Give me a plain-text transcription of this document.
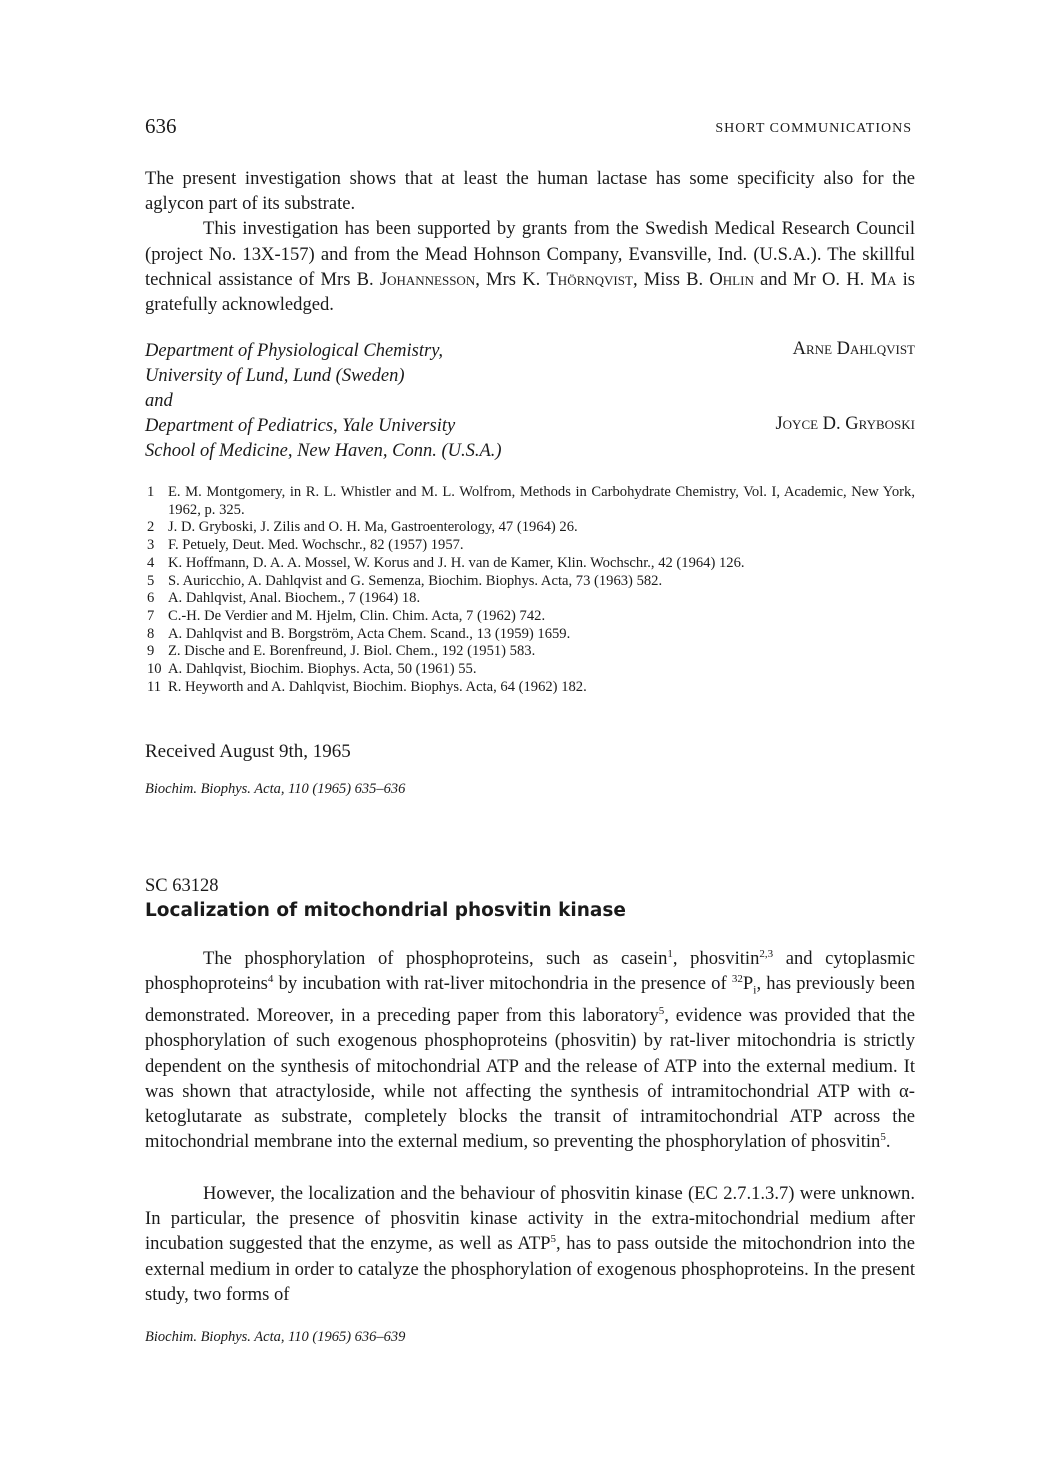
636	SHORT COMMUNICATIONS

The present investigation shows that at least the human lactase has some specificity also for the aglycon part of its substrate.
This investigation has been supported by grants from the Swedish Medical Research Council (project No. 13X-157) and from the Mead Hohnson Company, Evansville, Ind. (U.S.A.). The skillful technical assistance of Mrs B. Johannesson, Mrs K. Thörnqvist, Miss B. Ohlin and Mr O. H. Ma is gratefully acknowledged.

Department of Physiological Chemistry,
University of Lund, Lund (Sweden)
and
Department of Pediatrics, Yale University
School of Medicine, New Haven, Conn. (U.S.A.)
Arne Dahlqvist
Joyce D. Gryboski
1 E. M. Montgomery, in R. L. Whistler and M. L. Wolfrom, Methods in Carbohydrate Chemistry, Vol. I, Academic, New York, 1962, p. 325.
2 J. D. Gryboski, J. Zilis and O. H. Ma, Gastroenterology, 47 (1964) 26.
3 F. Petuely, Deut. Med. Wochschr., 82 (1957) 1957.
4 K. Hoffmann, D. A. A. Mossel, W. Korus and J. H. van de Kamer, Klin. Wochschr., 42 (1964) 126.
5 S. Auricchio, A. Dahlqvist and G. Semenza, Biochim. Biophys. Acta, 73 (1963) 582.
6 A. Dahlqvist, Anal. Biochem., 7 (1964) 18.
7 C.-H. De Verdier and M. Hjelm, Clin. Chim. Acta, 7 (1962) 742.
8 A. Dahlqvist and B. Borgström, Acta Chem. Scand., 13 (1959) 1659.
9 Z. Dische and E. Borenfreund, J. Biol. Chem., 192 (1951) 583.
10 A. Dahlqvist, Biochim. Biophys. Acta, 50 (1961) 55.
11 R. Heyworth and A. Dahlqvist, Biochim. Biophys. Acta, 64 (1962) 182.
Received August 9th, 1965
Biochim. Biophys. Acta, 110 (1965) 635–636
SC 63128
Localization of mitochondrial phosvitin kinase

The phosphorylation of phosphoproteins, such as casein$^1$, phosvitin$^{2,3}$ and cytoplasmic phosphoproteins$^4$ by incubation with rat-liver mitochondria in the presence of $^{32}P_i$, has previously been demonstrated. Moreover, in a preceding paper from this laboratory$^5$, evidence was provided that the phosphorylation of such exogenous phosphoproteins (phosvitin) by rat-liver mitochondria is strictly dependent on the synthesis of mitochondrial ATP and the release of ATP into the external medium. It was shown that atractyloside, while not affecting the synthesis of intramitochondrial ATP with α-ketoglutarate as substrate, completely blocks the transit of intramitochondrial ATP across the mitochondrial membrane into the external medium, so preventing the phosphorylation of phosvitin$^5$.

However, the localization and the behaviour of phosvitin kinase (EC 2.7.1.3.7) were unknown. In particular, the presence of phosvitin kinase activity in the extra-mitochondrial medium after incubation suggested that the enzyme, as well as ATP$^5$, has to pass outside the mitochondrion into the external medium in order to catalyze the phosphorylation of exogenous phosphoproteins. In the present study, two forms of

Biochim. Biophys. Acta, 110 (1965) 636–639
